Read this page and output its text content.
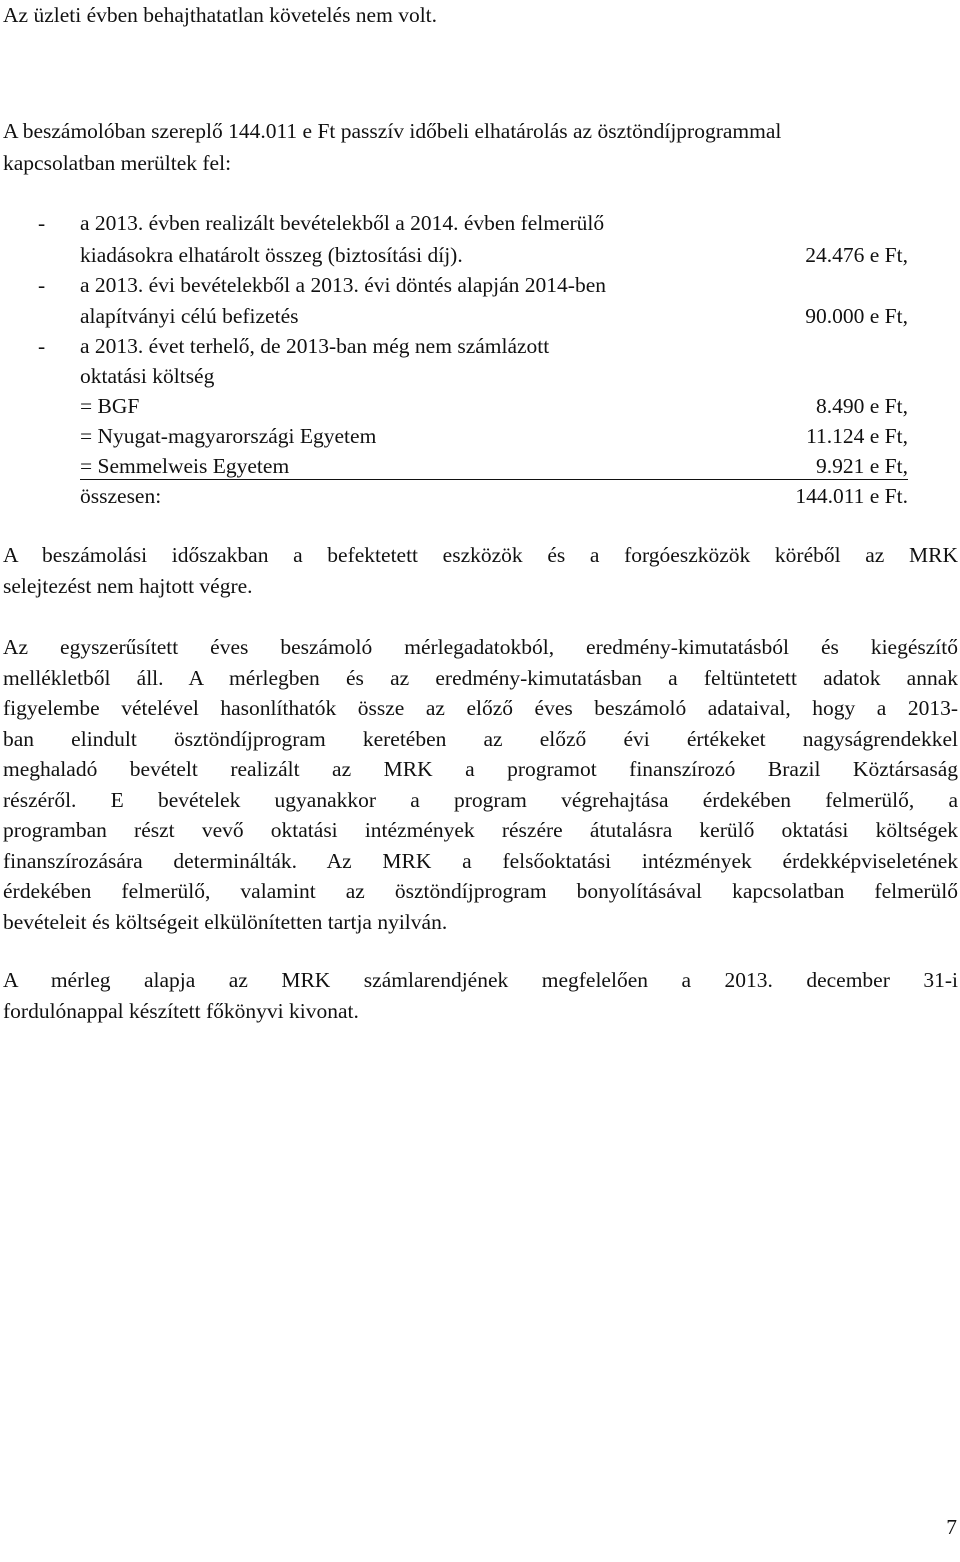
Az üzleti évben behajthatatlan követelés nem volt.
A beszámolóban szereplő 144.011 e Ft passzív időbeli elhatárolás az ösztöndíjprogrammal
kapcsolatban merültek fel:
- a 2013. évben realizált bevételekből a 2014. évben felmerülő
kiadásokra elhatárolt összeg (biztosítási díj).	24.476 e Ft,
- a 2013. évi bevételekből a 2013. évi döntés alapján 2014-ben
alapítványi célú befizetés	90.000 e Ft,
- a 2013. évet terhelő, de 2013-ban még nem számlázott
oktatási költség
= BGF	8.490 e Ft,
= Nyugat-magyarországi Egyetem	11.124 e Ft,
= Semmelweis Egyetem	9.921 e Ft,
összesen:	144.011 e Ft.
A beszámolási időszakban a befektetett eszközök és a forgóeszközök köréből az MRK
selejtezést nem hajtott végre.
Az egyszerűsített éves beszámoló mérlegadatokból, eredmény-kimutatásból és kiegészítő
mellékletből áll. A mérlegben és az eredmény-kimutatásban a feltüntetett adatok annak
figyelembe vételével hasonlíthatók össze az előző éves beszámoló adataival, hogy a 2013-
ban elindult ösztöndíjprogram keretében az előző évi értékeket nagyságrendekkel
meghaladó bevételt realizált az MRK a programot finanszírozó Brazil Köztársaság
részéről. E bevételek ugyanakkor a program végrehajtása érdekében felmerülő, a
programban részt vevő oktatási intézmények részére átutalásra kerülő oktatási költségek
finanszírozására determinálták. Az MRK a felsőoktatási intézmények érdekképviseletének
érdekében felmerülő, valamint az ösztöndíjprogram bonyolításával kapcsolatban felmerülő
bevételeit és költségeit elkülönítetten tartja nyilván.
A mérleg alapja az MRK számlarendjének megfelelően a 2013. december 31-i
fordulónappal készített főkönyvi kivonat.
7
